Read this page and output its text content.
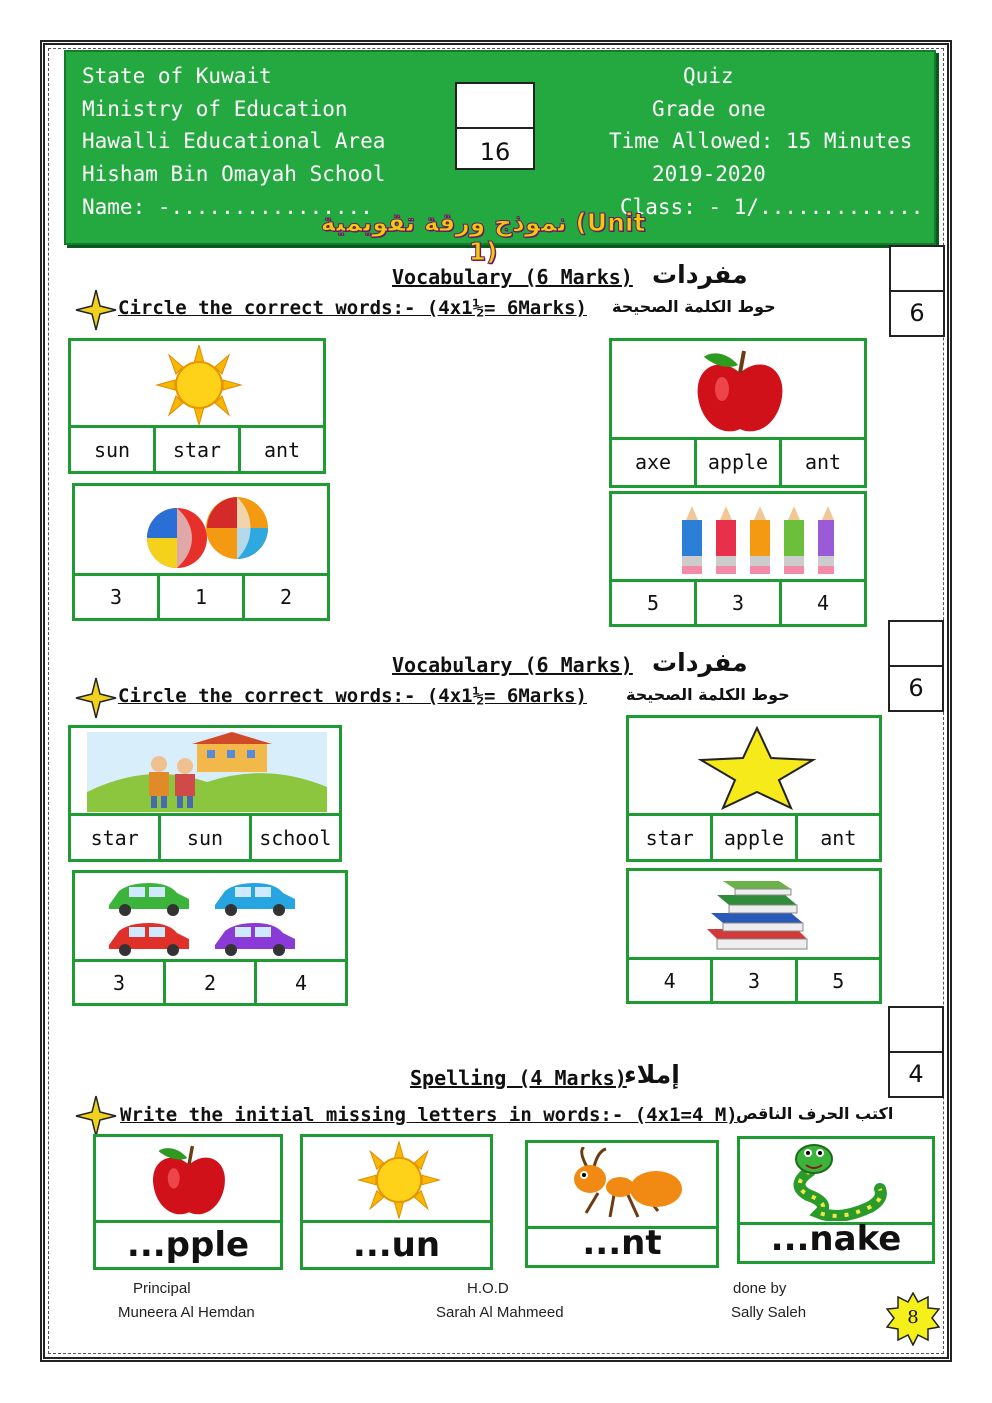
State of Kuwait
Ministry of Education
Hawalli Educational Area
Hisham Bin Omayah School
Name: -................
Quiz
Grade one
Time Allowed: 15 Minutes
2019-2020
Class: - 1/.............
16
نموذج ورقة تقويمية (Unit 1)
6
Vocabulary (6 Marks) مفردات
Circle the correct words:- (4x1½= 6Marks) حوط الكلمة الصحيحة
sun	star	ant
axe	apple	ant
3	1	2	5	3	4
6
Vocabulary (6 Marks) مفردات
Circle the correct words:- (4x1½= 6Marks) حوط الكلمة الصحيحة
star	sun	school	star	apple	ant
3	2	4	4	3	5
4
Spelling (4 Marks)
إملاء
Write the initial missing letters in words:- (4x1=4 M)
اكتب الحرف الناقص
...pple	...un	...nt	...nake
Principal
Muneera Al Hemdan
H.O.D
Sarah Al Mahmeed
done by
Sally Saleh	8
